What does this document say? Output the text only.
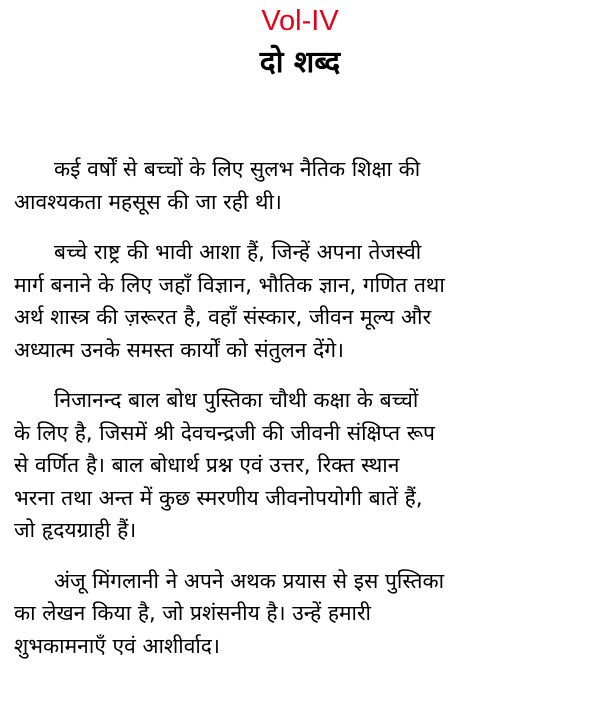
Vol-IV
दो शब्द

कई वर्षों से बच्चों के लिए सुलभ नैतिक शिक्षा की
आवश्यकता महसूस की जा रही थी।

बच्चे राष्ट्र की भावी आशा हैं, जिन्हें अपना तेजस्वी
मार्ग बनाने के लिए जहाँ विज्ञान, भौतिक ज्ञान, गणित तथा
अर्थ शास्त्र की ज़रूरत है, वहाँ संस्कार, जीवन मूल्य और
अध्यात्म उनके समस्त कार्यों को संतुलन देंगे।

निजानन्द बाल बोध पुस्तिका चौथी कक्षा के बच्चों
के लिए है, जिसमें श्री देवचन्द्रजी की जीवनी संक्षिप्त रूप
से वर्णित है। बाल बोधार्थ प्रश्न एवं उत्तर, रिक्त स्थान
भरना तथा अन्त में कुछ स्मरणीय जीवनोपयोगी बातें हैं,
जो हृदयग्राही हैं।

अंजू मिंगलानी ने अपने अथक प्रयास से इस पुस्तिका
का लेखन किया है, जो प्रशंसनीय है। उन्हें हमारी
शुभकामनाएँ एवं आशीर्वाद।
